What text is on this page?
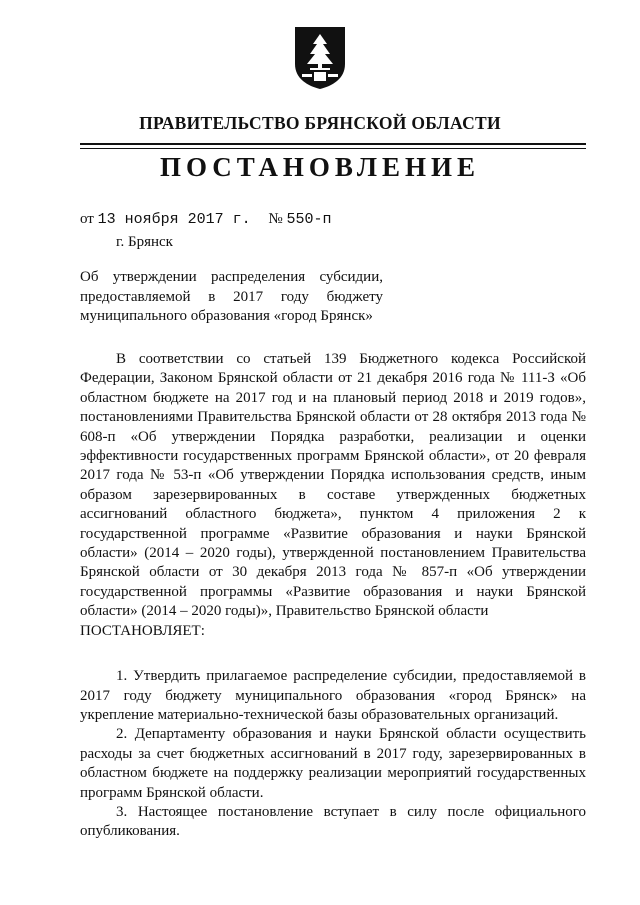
ПРАВИТЕЛЬСТВО БРЯНСКОЙ ОБЛАСТИ
ПОСТАНОВЛЕНИЕ
от 13 ноября 2017 г. № 550-п
г. Брянск
Об утверждении распределения субсидии, предоставляемой в 2017 году бюджету муниципального образования «город Брянск»

В соответствии со статьей 139 Бюджетного кодекса Российской Федерации, Законом Брянской области от 21 декабря 2016 года № 111-З «Об областном бюджете на 2017 год и на плановый период 2018 и 2019 годов», постановлениями Правительства Брянской области от 28 октября 2013 года № 608-п «Об утверждении Порядка разработки, реализации и оценки эффективности государственных программ Брянской области», от 20 февраля 2017 года № 53-п «Об утверждении Порядка использования средств, иным образом зарезервированных в составе утвержденных бюджетных ассигнований областного бюджета», пунктом 4 приложения 2 к государственной программе «Развитие образования и науки Брянской области» (2014 – 2020 годы), утвержденной постановлением Правительства Брянской области от 30 декабря 2013 года № 857-п «Об утверждении государственной программы «Развитие образования и науки Брянской области» (2014 – 2020 годы)», Правительство Брянской области

ПОСТАНОВЛЯЕТ:

1. Утвердить прилагаемое распределение субсидии, предоставляемой в 2017 году бюджету муниципального образования «город Брянск» на укрепление материально-технической базы образовательных организаций.

2. Департаменту образования и науки Брянской области осуществить расходы за счет бюджетных ассигнований в 2017 году, зарезервированных в областном бюджете на поддержку реализации мероприятий государственных программ Брянской области.

3. Настоящее постановление вступает в силу после официального опубликования.
